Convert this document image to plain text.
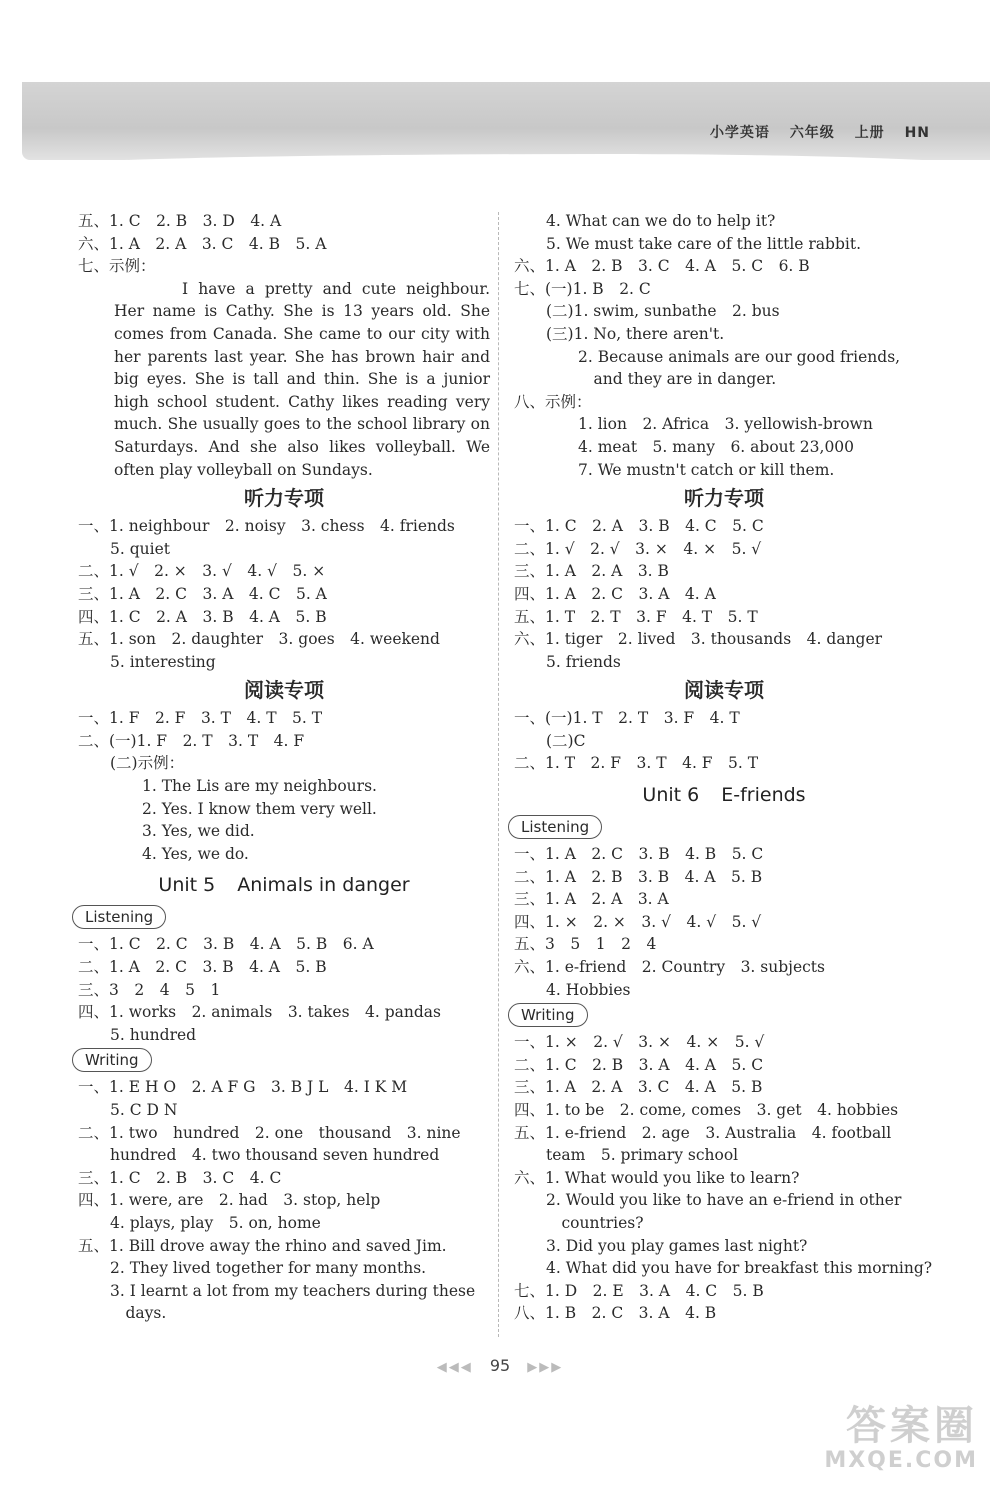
小学英语 六年级 上册 HN
五、1. C　2. B　3. D　4. A
六、1. A　2. A　3. C　4. B　5. A
七、示例：
I have a pretty and cute neighbour. Her name is Cathy. She is 13 years old. She comes from Canada. She came to our city with her parents last year. She has brown hair and big eyes. She is tall and thin. She is a junior high school student. Cathy likes reading very much. She usually goes to the school library on Saturdays. And she also likes volleyball. We often play volleyball on Sundays.
听力专项
一、1. neighbour　2. noisy　3. chess　4. friends
5. quiet
二、1. √　2. ×　3. √　4. √　5. ×
三、1. A　2. C　3. A　4. C　5. A
四、1. C　2. A　3. B　4. A　5. B
五、1. son　2. daughter　3. goes　4. weekend
5. interesting
阅读专项
一、1. F　2. F　3. T　4. T　5. T
二、(一)1. F　2. T　3. T　4. F
(二)示例：
1. The Lis are my neighbours.
2. Yes. I know them very well.
3. Yes, we did.
4. Yes, we do.
Unit 5 Animals in danger
Listening
一、1. C　2. C　3. B　4. A　5. B　6. A
二、1. A　2. C　3. B　4. A　5. B
三、3　2　4　5　1
四、1. works　2. animals　3. takes　4. pandas
5. hundred
Writing
一、1. E H O　2. A F G　3. B J L　4. I K M
5. C D N
二、1. two　hundred　2. one　thousand　3. nine
hundred　4. two thousand seven hundred
三、1. C　2. B　3. C　4. C
四、1. were, are　2. had　3. stop, help
4. plays, play　5. on, home
五、1. Bill drove away the rhino and saved Jim.
2. They lived together for many months.
3. I learnt a lot from my teachers during these
　days.
4. What can we do to help it?
5. We must take care of the little rabbit.
六、1. A　2. B　3. C　4. A　5. C　6. B
七、(一)1. B　2. C
(二)1. swim, sunbathe　2. bus
(三)1. No, there aren't.
2. Because animals are our good friends,
　and they are in danger.
八、示例：
1. lion　2. Africa　3. yellowish-brown
4. meat　5. many　6. about 23,000
7. We mustn't catch or kill them.
听力专项
一、1. C　2. A　3. B　4. C　5. C
二、1. √　2. √　3. ×　4. ×　5. √
三、1. A　2. A　3. B
四、1. A　2. C　3. A　4. A
五、1. T　2. T　3. F　4. T　5. T
六、1. tiger　2. lived　3. thousands　4. danger
5. friends
阅读专项
一、(一)1. T　2. T　3. F　4. T
(二)C
二、1. T　2. F　3. T　4. F　5. T
Unit 6 E-friends
Listening
一、1. A　2. C　3. B　4. B　5. C
二、1. A　2. B　3. B　4. A　5. B
三、1. A　2. A　3. A
四、1. ×　2. ×　3. √　4. √　5. √
五、3　5　1　2　4
六、1. e-friend　2. Country　3. subjects
4. Hobbies
Writing
一、1. ×　2. √　3. ×　4. ×　5. √
二、1. C　2. B　3. A　4. A　5. C
三、1. A　2. A　3. C　4. A　5. B
四、1. to be　2. come, comes　3. get　4. hobbies
五、1. e-friend　2. age　3. Australia　4. football
team　5. primary school
六、1. What would you like to learn?
2. Would you like to have an e-friend in other
　countries?
3. Did you play games last night?
4. What did you have for breakfast this morning?
七、1. D　2. E　3. A　4. C　5. B
八、1. B　2. C　3. A　4. B
◀◀◀ 95 ▶▶▶
答案圈
MXQE.COM
